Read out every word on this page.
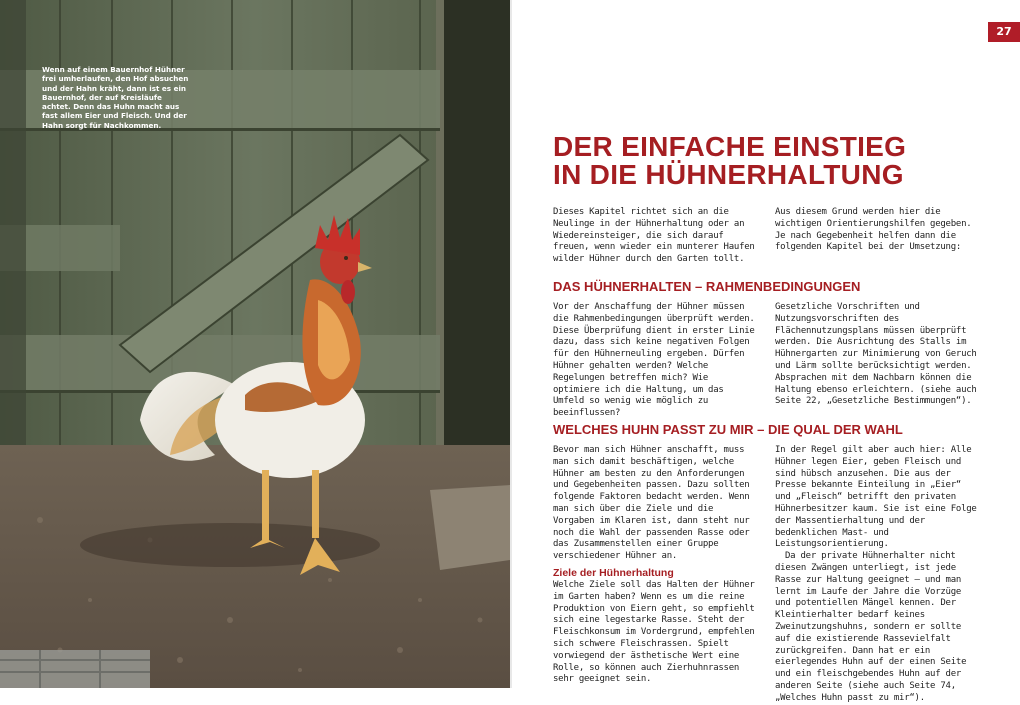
Wenn auf einem Bauernhof Hühner frei umherlaufen, den Hof absuchen und der Hahn kräht, dann ist es ein Bauernhof, der auf Kreisläufe achtet. Denn das Huhn macht aus fast allem Eier und Fleisch. Und der Hahn sorgt für Nachkommen.
27
DER EINFACHE EINSTIEG
IN DIE HÜHNERHALTUNG

Dieses Kapitel richtet sich an die Neulinge in der Hühnerhaltung oder an Wiedereinsteiger, die sich darauf freuen, wenn wieder ein munterer Haufen wilder Hühner durch den Garten tollt.

Aus diesem Grund werden hier die wichtigen Orientierungshilfen gegeben. Je nach Gegebenheit helfen dann die folgenden Kapitel bei der Umsetzung:

DAS HÜHNERHALTEN – RAHMENBEDINGUNGEN

Vor der Anschaffung der Hühner müssen die Rahmenbedingungen überprüft werden. Diese Überprüfung dient in erster Linie dazu, dass sich keine negativen Folgen für den Hühnerneuling ergeben. Dürfen Hühner gehalten werden? Welche Regelungen betreffen mich? Wie optimiere ich die Haltung, um das Umfeld so wenig wie möglich zu beeinflussen?

Gesetzliche Vorschriften und Nutzungsvorschriften des Flächennutzungsplans müssen überprüft werden. Die Ausrichtung des Stalls im Hühnergarten zur Minimierung von Geruch und Lärm sollte berücksichtigt werden. Absprachen mit dem Nachbarn können die Haltung ebenso erleichtern. (siehe auch Seite 22, „Gesetzliche Bestimmungen“).

WELCHES HUHN PASST ZU MIR – DIE QUAL DER WAHL

Bevor man sich Hühner anschafft, muss man sich damit beschäftigen, welche Hühner am besten zu den Anforderungen und Gegebenheiten passen. Dazu sollten folgende Faktoren bedacht werden. Wenn man sich über die Ziele und die Vorgaben im Klaren ist, dann steht nur noch die Wahl der passenden Rasse oder das Zusammenstellen einer Gruppe verschiedener Hühner an.

Ziele der Hühnerhaltung

Welche Ziele soll das Halten der Hühner im Garten haben? Wenn es um die reine Produktion von Eiern geht, so empfiehlt sich eine legestarke Rasse. Steht der Fleischkonsum im Vordergrund, empfehlen sich schwere Fleischrassen. Spielt vorwiegend der ästhetische Wert eine Rolle, so können auch Zierhuhnrassen sehr geeignet sein.

In der Regel gilt aber auch hier: Alle Hühner legen Eier, geben Fleisch und sind hübsch anzusehen. Die aus der Presse bekannte Einteilung in „Eier“ und „Fleisch“ betrifft den privaten Hühnerbesitzer kaum. Sie ist eine Folge der Massentierhaltung und der bedenklichen Mast- und Leistungsorientierung.

Da der private Hühnerhalter nicht diesen Zwängen unterliegt, ist jede Rasse zur Haltung geeignet – und man lernt im Laufe der Jahre die Vorzüge und potentiellen Mängel kennen. Der Kleintierhalter bedarf keines Zweinutzungshuhns, sondern er sollte auf die existierende Rassevielfalt zurückgreifen. Dann hat er ein eierlegendes Huhn auf der einen Seite und ein fleischgebendes Huhn auf der anderen Seite (siehe auch Seite 74, „Welches Huhn passt zu mir“).
